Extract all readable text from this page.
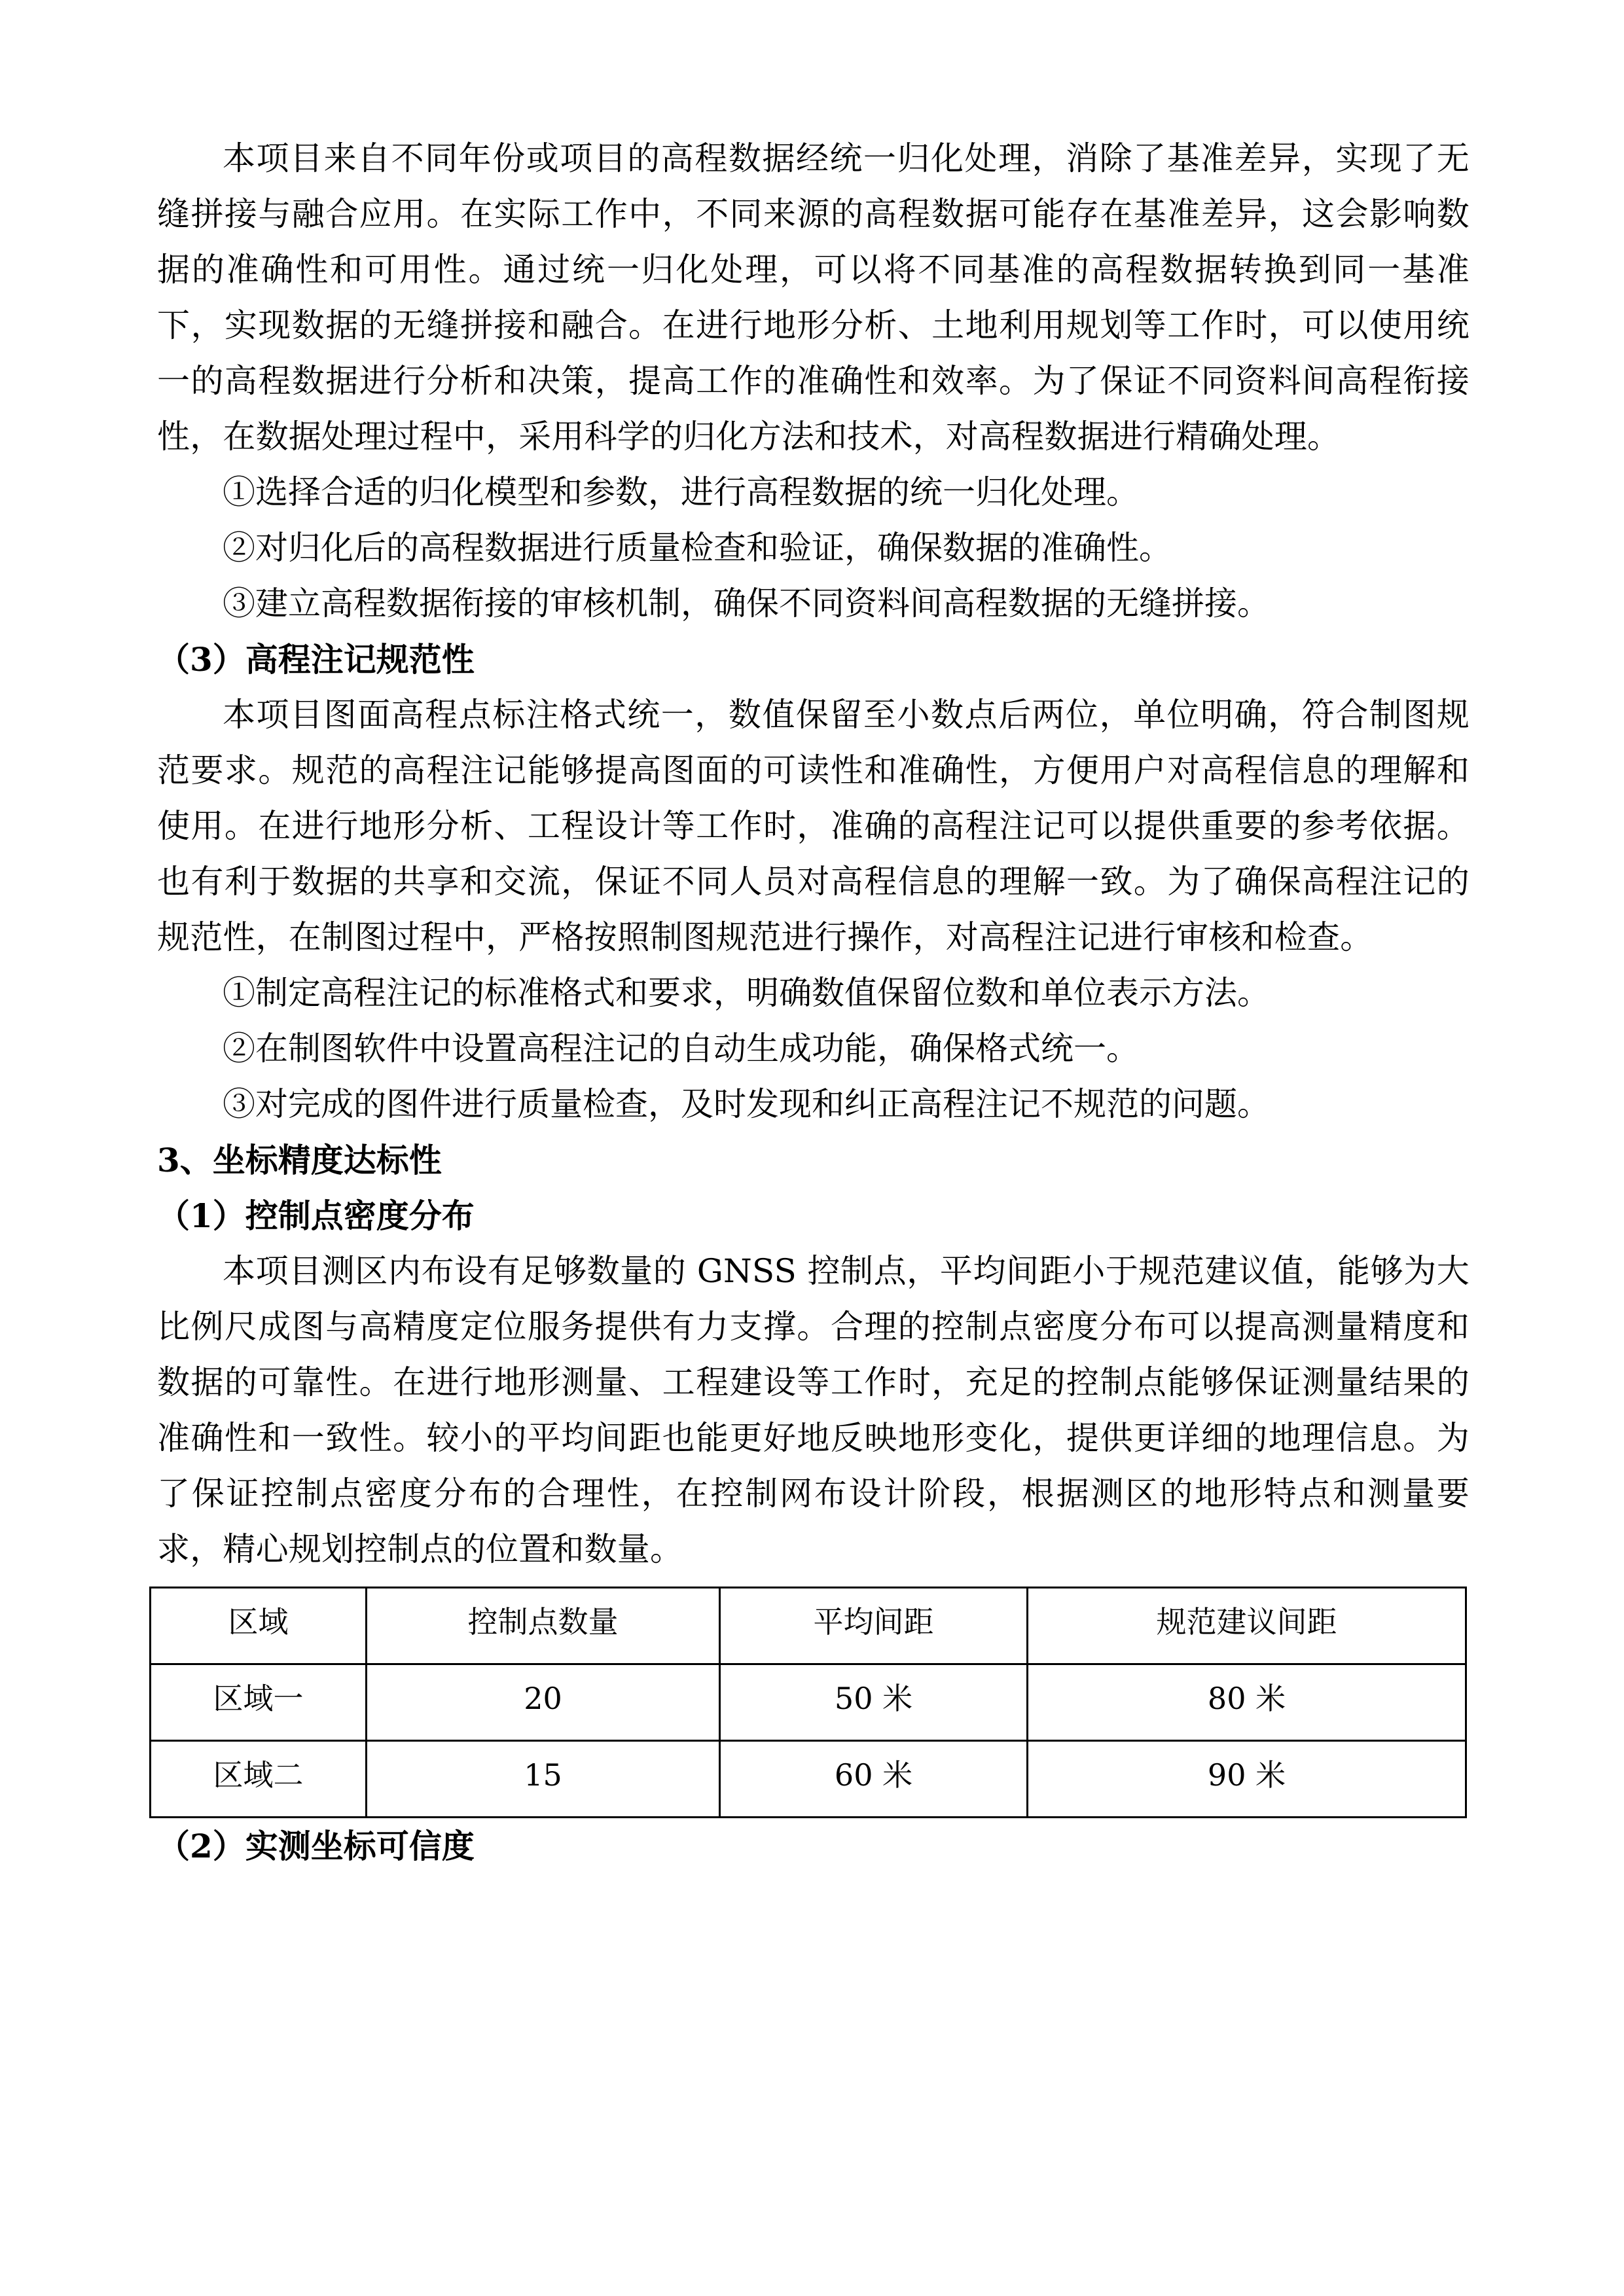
本项目来自不同年份或项目的高程数据经统一归化处理，消除了基准差异，实现了无缝拼接与融合应用。在实际工作中，不同来源的高程数据可能存在基准差异，这会影响数据的准确性和可用性。通过统一归化处理，可以将不同基准的高程数据转换到同一基准下，实现数据的无缝拼接和融合。在进行地形分析、土地利用规划等工作时，可以使用统一的高程数据进行分析和决策，提高工作的准确性和效率。为了保证不同资料间高程衔接性，在数据处理过程中，采用科学的归化方法和技术，对高程数据进行精确处理。

①选择合适的归化模型和参数，进行高程数据的统一归化处理。

②对归化后的高程数据进行质量检查和验证，确保数据的准确性。

③建立高程数据衔接的审核机制，确保不同资料间高程数据的无缝拼接。

（3）高程注记规范性

本项目图面高程点标注格式统一，数值保留至小数点后两位，单位明确，符合制图规范要求。规范的高程注记能够提高图面的可读性和准确性，方便用户对高程信息的理解和使用。在进行地形分析、工程设计等工作时，准确的高程注记可以提供重要的参考依据。也有利于数据的共享和交流，保证不同人员对高程信息的理解一致。为了确保高程注记的规范性，在制图过程中，严格按照制图规范进行操作，对高程注记进行审核和检查。

①制定高程注记的标准格式和要求，明确数值保留位数和单位表示方法。

②在制图软件中设置高程注记的自动生成功能，确保格式统一。

③对完成的图件进行质量检查，及时发现和纠正高程注记不规范的问题。

3、坐标精度达标性

（1）控制点密度分布

本项目测区内布设有足够数量的 GNSS 控制点，平均间距小于规范建议值，能够为大比例尺成图与高精度定位服务提供有力支撑。合理的控制点密度分布可以提高测量精度和数据的可靠性。在进行地形测量、工程建设等工作时，充足的控制点能够保证测量结果的准确性和一致性。较小的平均间距也能更好地反映地形变化，提供更详细的地理信息。为了保证控制点密度分布的合理性，在控制网布设计阶段，根据测区的地形特点和测量要求，精心规划控制点的位置和数量。

区域	控制点数量	平均间距	规范建议间距
区域一	20	50 米	80 米
区域二	15	60 米	90 米

（2）实测坐标可信度
